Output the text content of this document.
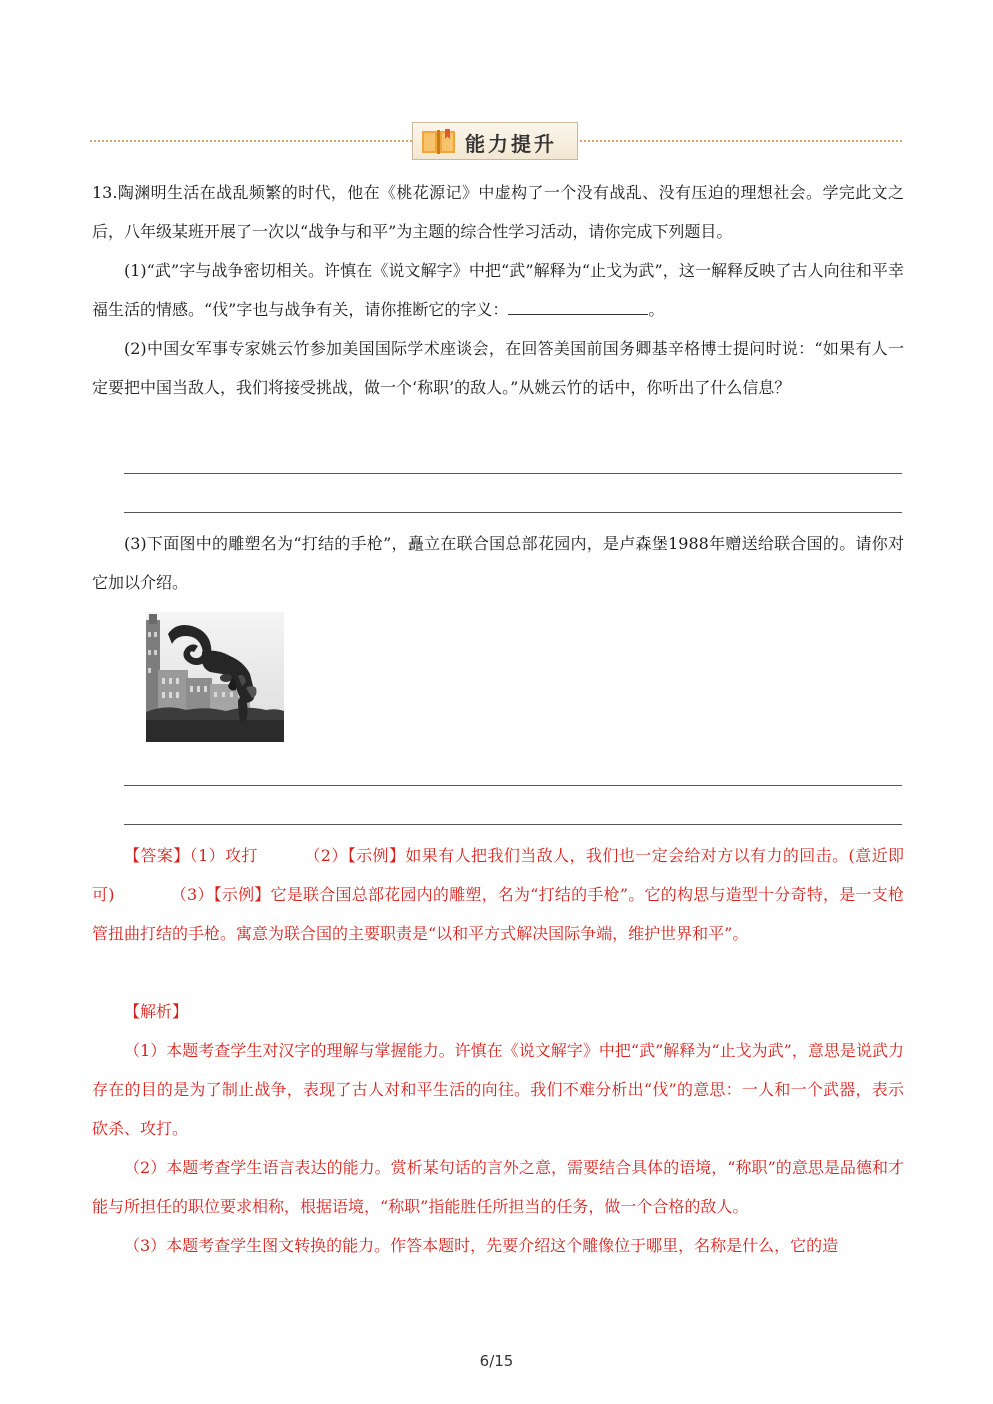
能力提升

13.陶渊明生活在战乱频繁的时代，他在《桃花源记》中虚构了一个没有战乱、没有压迫的理想社会。学完此文之后，八年级某班开展了一次以“战争与和平”为主题的综合性学习活动，请你完成下列题目。

(1)“武”字与战争密切相关。许慎在《说文解字》中把“武”解释为“止戈为武”，这一解释反映了古人向往和平幸福生活的情感。“伐”字也与战争有关，请你推断它的字义：	。

(2)中国女军事专家姚云竹参加美国国际学术座谈会，在回答美国前国务卿基辛格博士提问时说：“如果有人一定要把中国当敌人，我们将接受挑战，做一个‘称职’的敌人。”从姚云竹的话中，你听出了什么信息？

(3)下面图中的雕塑名为“打结的手枪”，矗立在联合国总部花园内，是卢森堡1988年赠送给联合国的。请你对它加以介绍。

【答案】（1）攻打	（2）【示例】如果有人把我们当敌人，我们也一定会给对方以有力的回击。(意近即可)	（3）【示例】它是联合国总部花园内的雕塑，名为“打结的手枪”。它的构思与造型十分奇特，是一支枪管扭曲打结的手枪。寓意为联合国的主要职责是“以和平方式解决国际争端，维护世界和平”。

【解析】

（1）本题考查学生对汉字的理解与掌握能力。许慎在《说文解字》中把“武”解释为“止戈为武”，意思是说武力存在的目的是为了制止战争，表现了古人对和平生活的向往。我们不难分析出“伐”的意思：一人和一个武器，表示砍杀、攻打。

（2）本题考查学生语言表达的能力。赏析某句话的言外之意，需要结合具体的语境，“称职”的意思是品德和才能与所担任的职位要求相称，根据语境，“称职”指能胜任所担当的任务，做一个合格的敌人。

（3）本题考查学生图文转换的能力。作答本题时，先要介绍这个雕像位于哪里，名称是什么，它的造

6/15
